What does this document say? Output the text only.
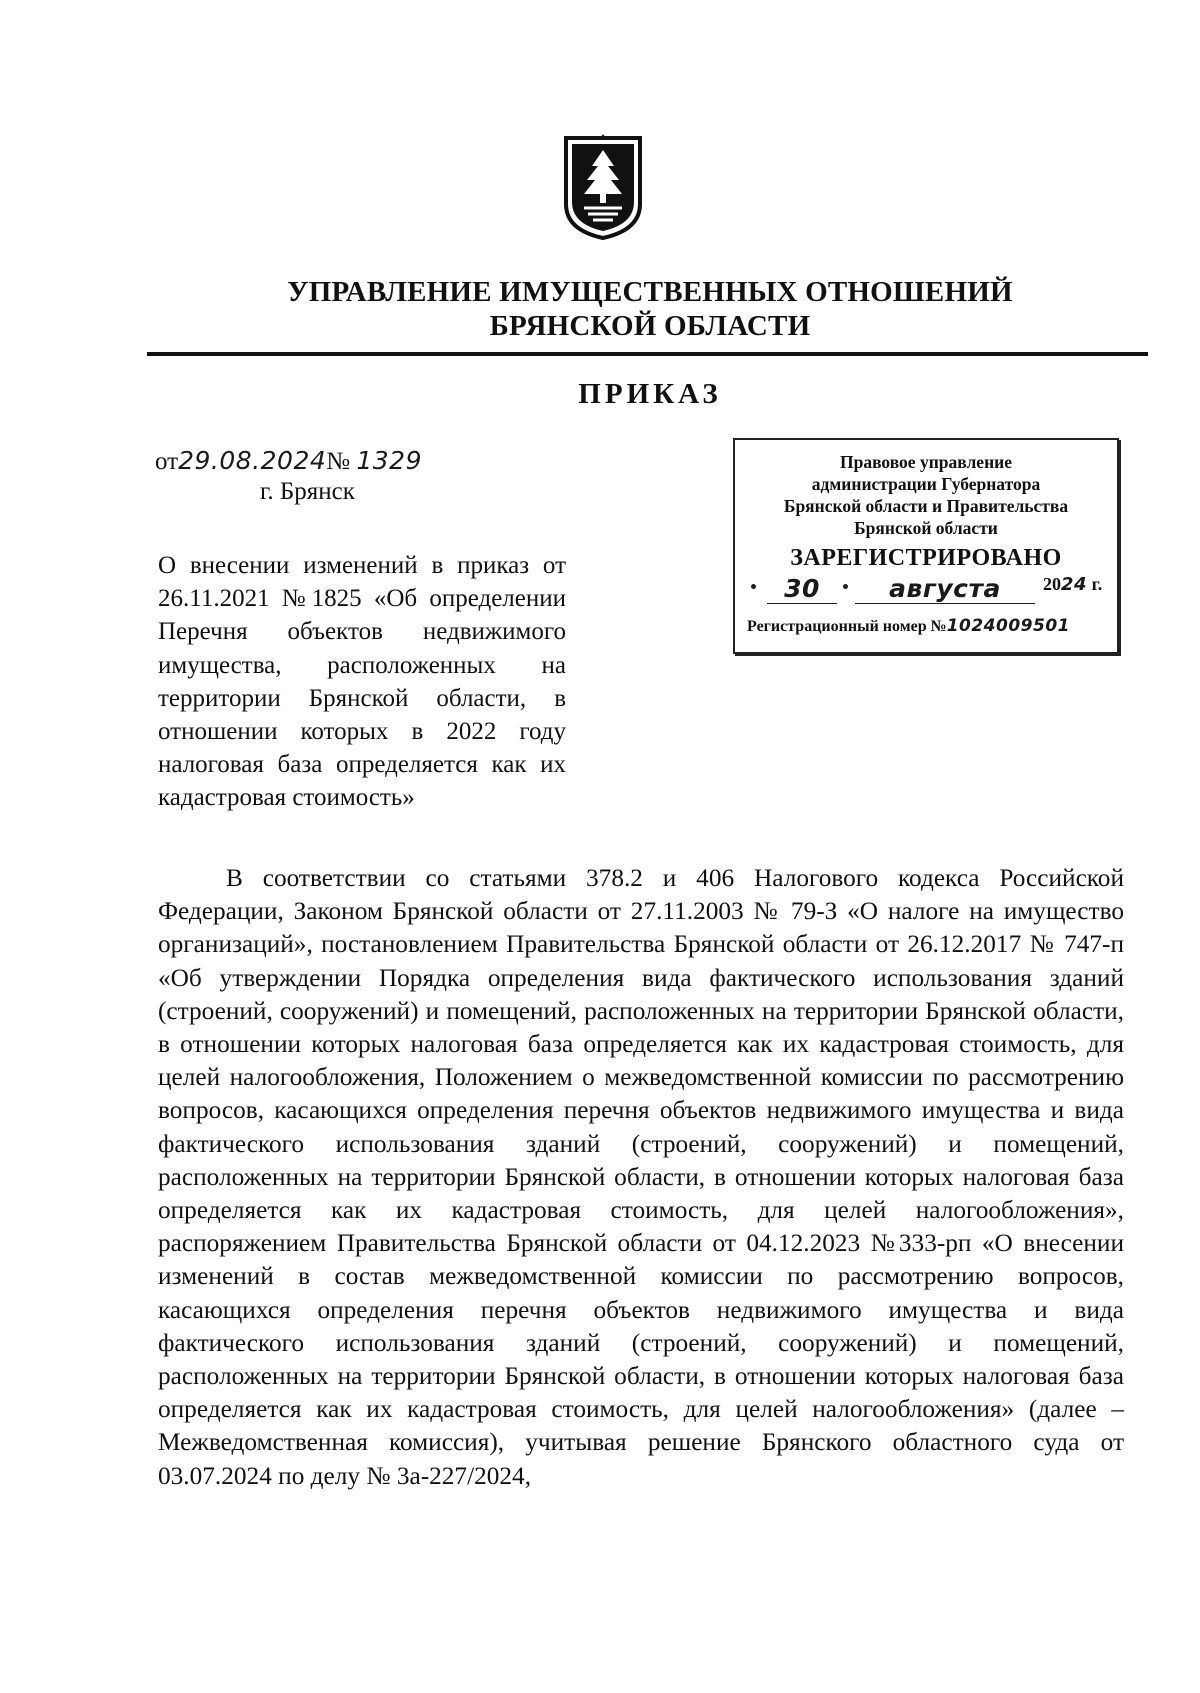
УПРАВЛЕНИЕ ИМУЩЕСТВЕННЫХ ОТНОШЕНИЙ
БРЯНСКОЙ ОБЛАСТИ
ПРИКАЗ
от29.08.2024№ 1329
г. Брянск
Правовое управление
администрации Губернатора
Брянской области и Правительства
Брянской области
ЗАРЕГИСТРИРОВАНО
30	августа	2024 г.
Регистрационный номер №1024009501
О внесении изменений в приказ от 26.11.2021 №1825 «Об определении Перечня объектов недвижимого имущества, расположенных на территории Брянской области, в отношении которых в 2022 году налоговая база определяется как их кадастровая стоимость»
В соответствии со статьями 378.2 и 406 Налогового кодекса Российской Федерации, Законом Брянской области от 27.11.2003 № 79-З «О налоге на имущество организаций», постановлением Правительства Брянской области от 26.12.2017 № 747-п «Об утверждении Порядка определения вида фактического использования зданий (строений, сооружений) и помещений, расположенных на территории Брянской области, в отношении которых налоговая база определяется как их кадастровая стоимость, для целей налогообложения, Положением о межведомственной комиссии по рассмотрению вопросов, касающихся определения перечня объектов недвижимого имущества и вида фактического использования зданий (строений, сооружений) и помещений, расположенных на территории Брянской области, в отношении которых налоговая база определяется как их кадастровая стоимость, для целей налогообложения», распоряжением Правительства Брянской области от 04.12.2023 №333-рп «О внесении изменений в состав межведомственной комиссии по рассмотрению вопросов, касающихся определения перечня объектов недвижимого имущества и вида фактического использования зданий (строений, сооружений) и помещений, расположенных на территории Брянской области, в отношении которых налоговая база определяется как их кадастровая стоимость, для целей налогообложения» (далее – Межведомственная комиссия), учитывая решение Брянского областного суда от 03.07.2024 по делу № 3а-227/2024,
